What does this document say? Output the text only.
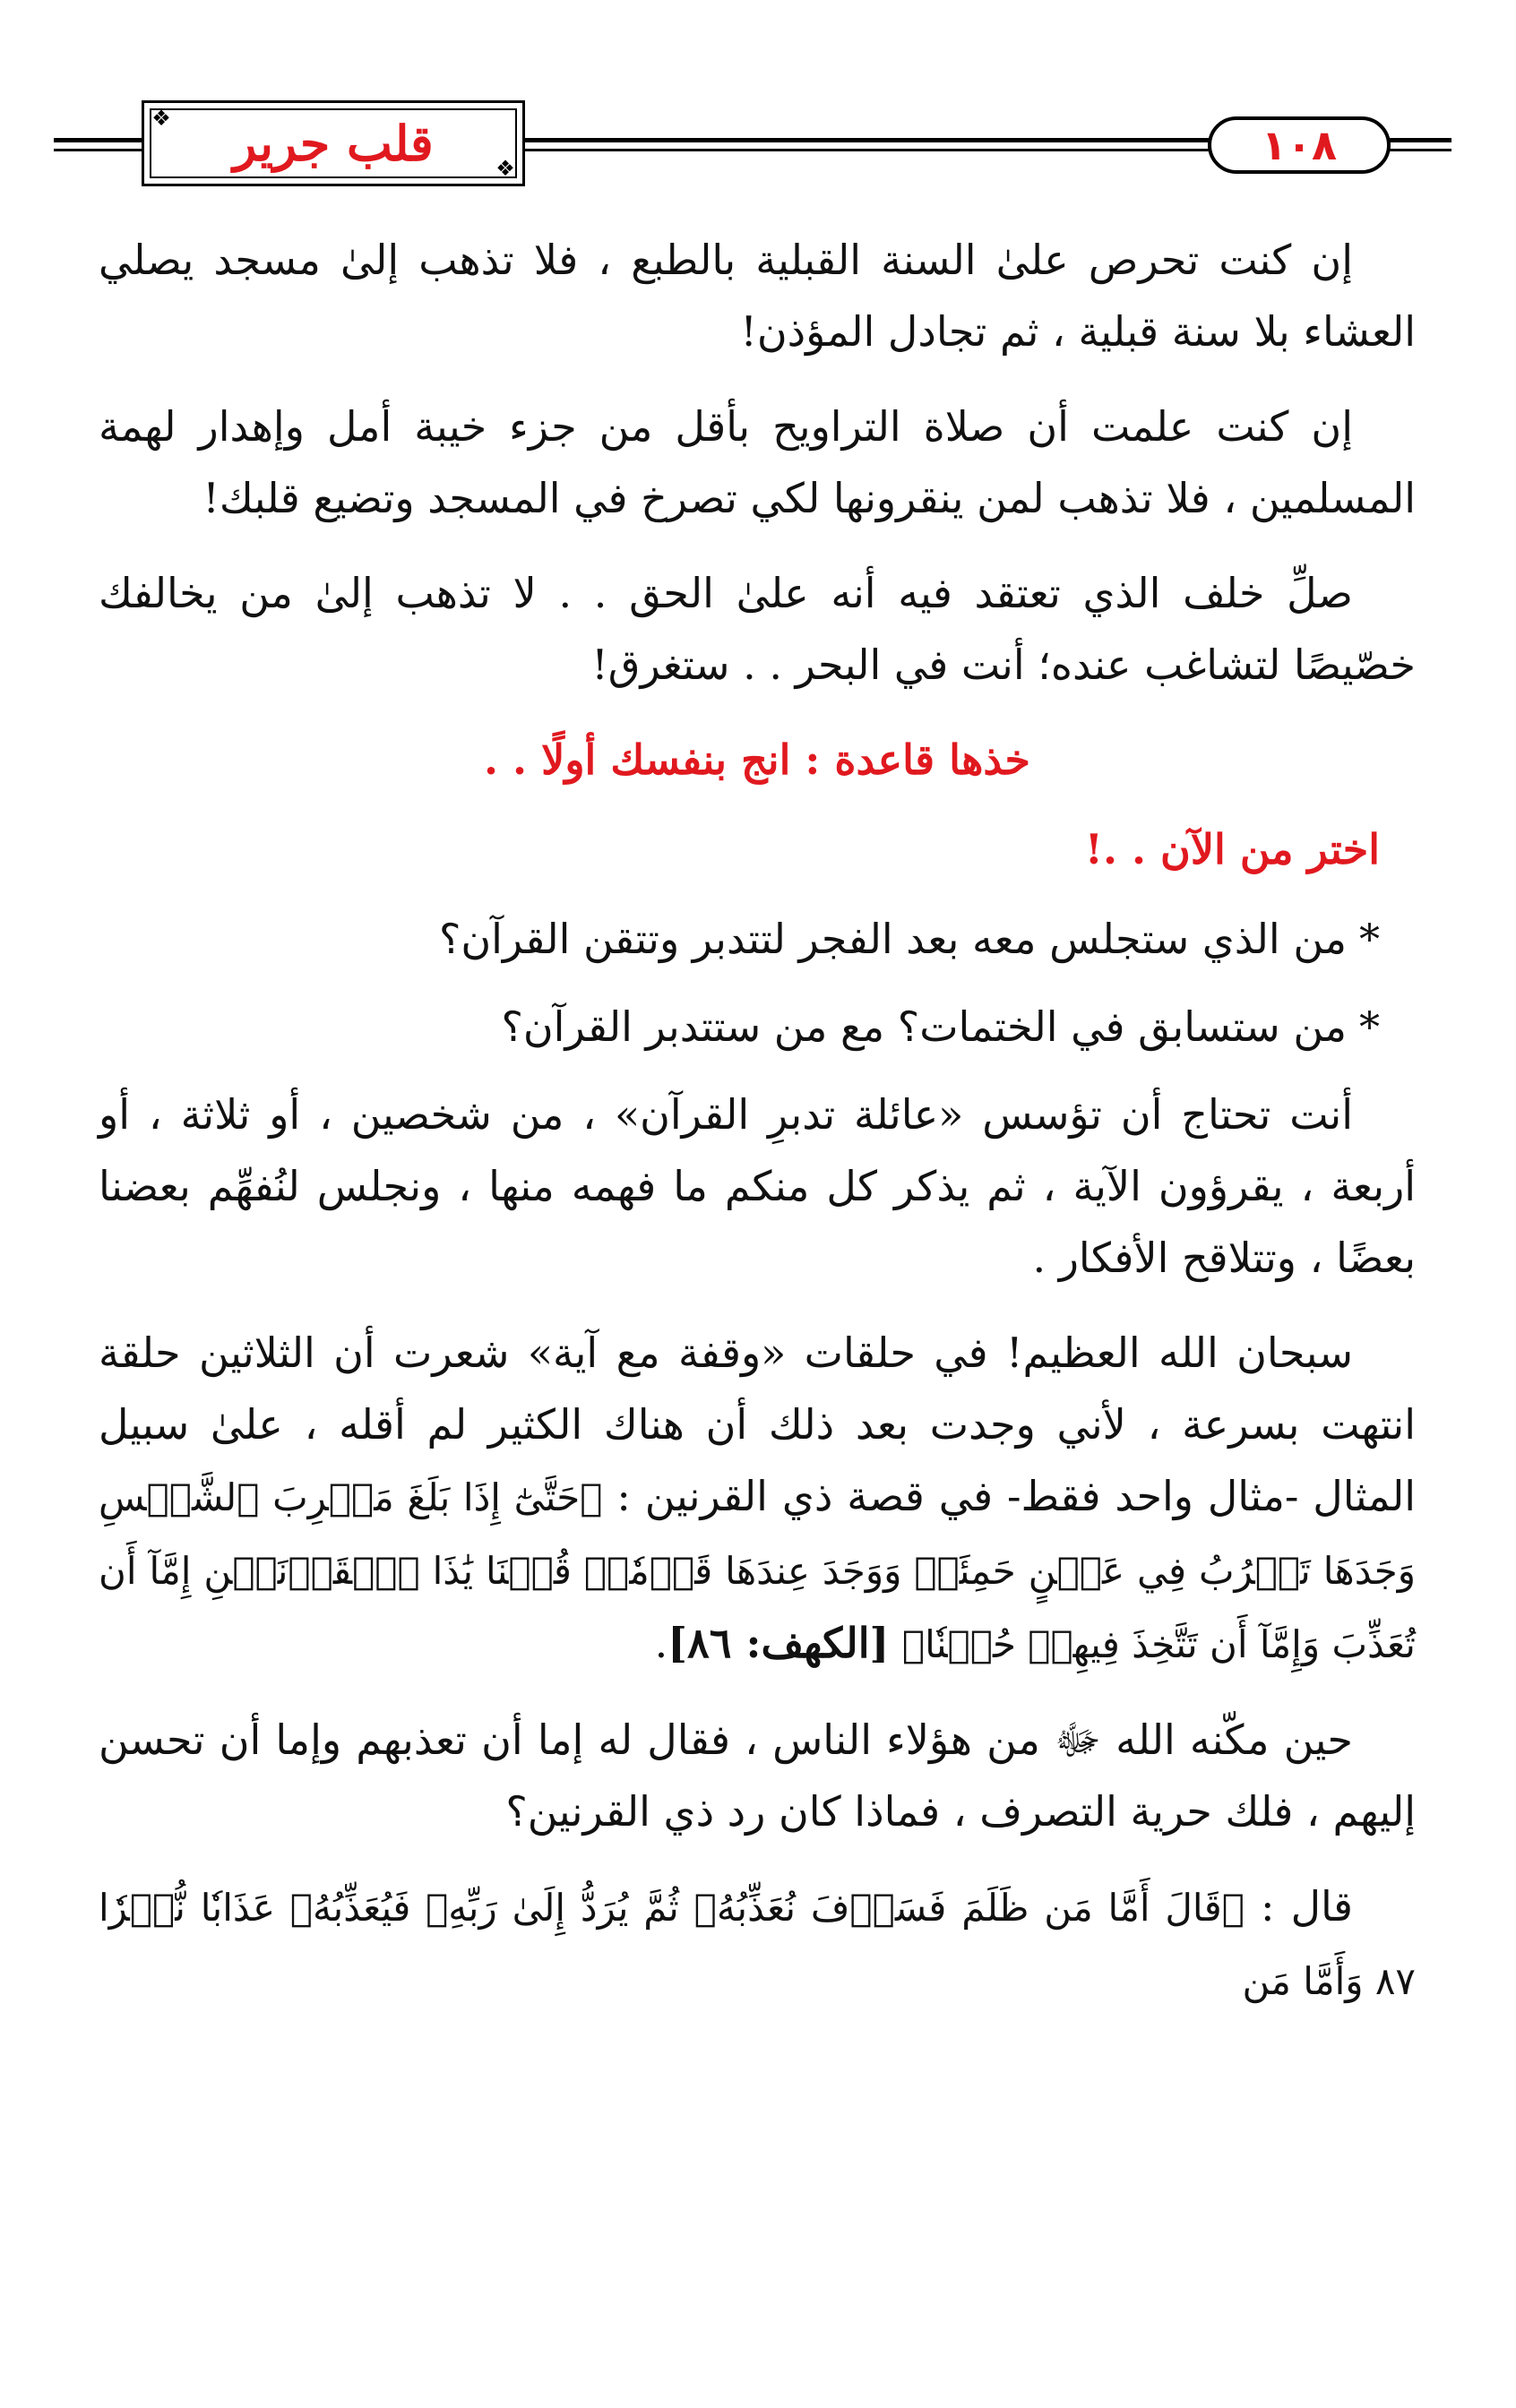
❖
❖
قلب جرير	١٠٨

إن كنت تحرص علىٰ السنة القبلية بالطبع ، فلا تذهب إلىٰ مسجد يصلي العشاء بلا سنة قبلية ، ثم تجادل المؤذن!

إن كنت علمت أن صلاة التراويح بأقل من جزء خيبة أمل وإهدار لهمة المسلمين ، فلا تذهب لمن ينقرونها لكي تصرخ في المسجد وتضيع قلبك!

صلِّ خلف الذي تعتقد فيه أنه علىٰ الحق . . لا تذهب إلىٰ من يخالفك خصّيصًا لتشاغب عنده؛ أنت في البحر . . ستغرق!

خذها قاعدة : انج بنفسك أولًا . .
اختر من الآن . .!
*من الذي ستجلس معه بعد الفجر لتتدبر وتتقن القرآن؟
*من ستسابق في الختمات؟ مع من ستتدبر القرآن؟

أنت تحتاج أن تؤسس «عائلة تدبرِ القرآن» ، من شخصين ، أو ثلاثة ، أو أربعة ، يقرؤون الآية ، ثم يذكر كل منكم ما فهمه منها ، ونجلس لنُفهِّم بعضنا بعضًا ، وتتلاقح الأفكار .

سبحان الله العظيم! في حلقات «وقفة مع آية» شعرت أن الثلاثين حلقة انتهت بسرعة ، لأني وجدت بعد ذلك أن هناك الكثير لم أقله ، علىٰ سبيل المثال -مثال واحد فقط- في قصة ذي القرنين : ﴿حَتَّىٰٓ إِذَا بَلَغَ مَغۡرِبَ ٱلشَّمۡسِ وَجَدَهَا تَغۡرُبُ فِي عَيۡنٍ حَمِئَةٖ وَوَجَدَ عِندَهَا قَوۡمٗاۖ قُلۡنَا يَٰذَا ٱلۡقَرۡنَيۡنِ إِمَّآ أَن تُعَذِّبَ وَإِمَّآ أَن تَتَّخِذَ فِيهِمۡ حُسۡنٗا﴾ [الكهف: ٨٦].

حين مكّنه الله ﷻ من هؤلاء الناس ، فقال له إما أن تعذبهم وإما أن تحسن إليهم ، فلك حرية التصرف ، فماذا كان رد ذي القرنين؟

قال : ﴿قَالَ أَمَّا مَن ظَلَمَ فَسَوۡفَ نُعَذِّبُهُۥ ثُمَّ يُرَدُّ إِلَىٰ رَبِّهِۦ فَيُعَذِّبُهُۥ عَذَابٗا نُّكۡرٗا ٨٧ وَأَمَّا مَن
